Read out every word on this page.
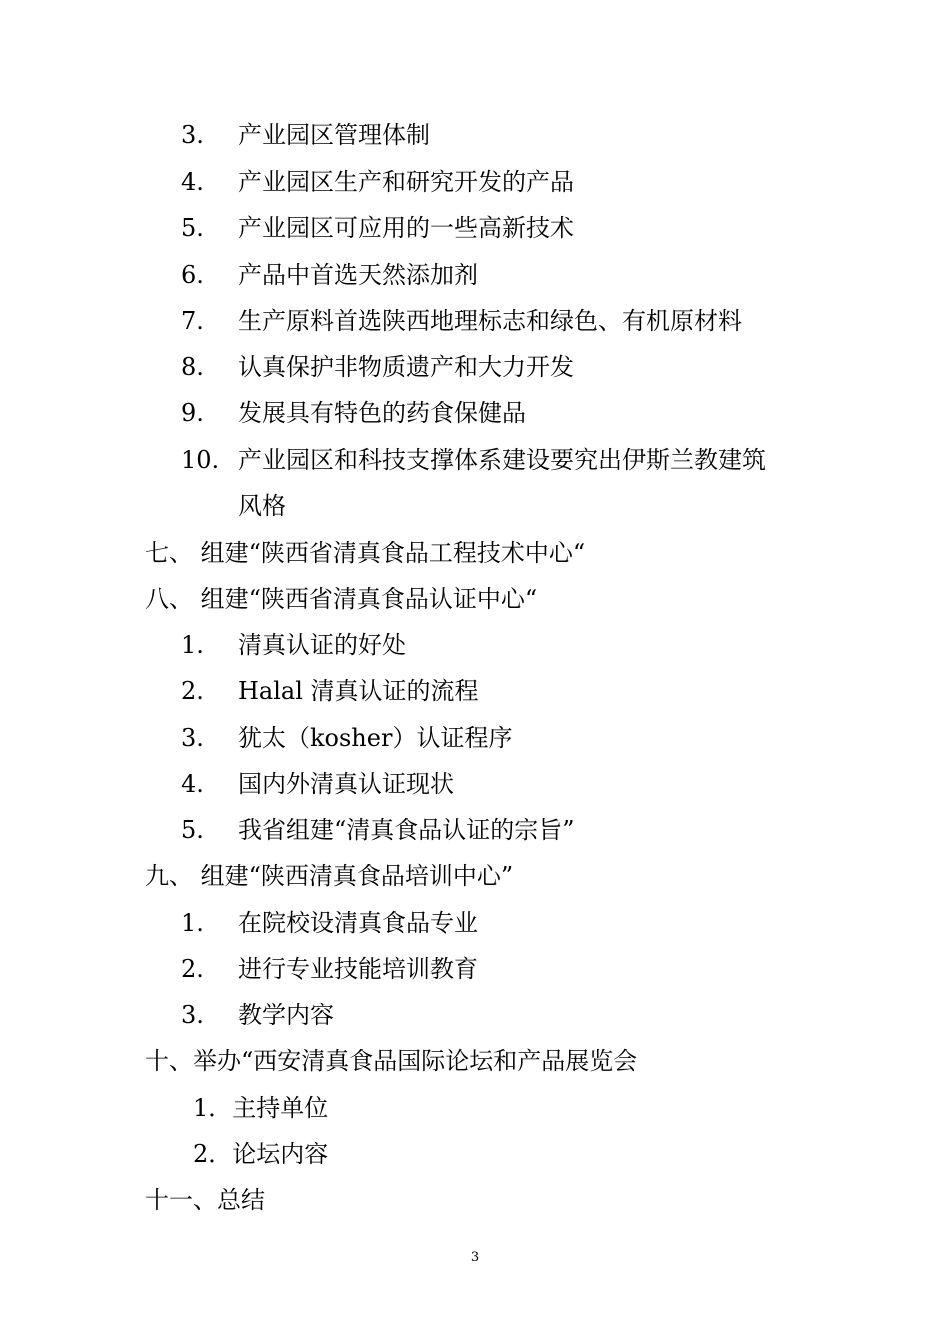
3. 产业园区管理体制
4. 产业园区生产和研究开发的产品
5. 产业园区可应用的一些高新技术
6. 产品中首选天然添加剂
7. 生产原料首选陕西地理标志和绿色、有机原材料
8. 认真保护非物质遗产和大力开发
9. 发展具有特色的药食保健品
10. 产业园区和科技支撑体系建设要究出伊斯兰教建筑
风格
七、 组建“陕西省清真食品工程技术中心“
八、 组建“陕西省清真食品认证中心“
1. 清真认证的好处
2. Halal 清真认证的流程
3. 犹太（kosher）认证程序
4. 国内外清真认证现状
5. 我省组建“清真食品认证的宗旨”
九、 组建“陕西清真食品培训中心”
1. 在院校设清真食品专业
2. 进行专业技能培训教育
3. 教学内容
十、举办“西安清真食品国际论坛和产品展览会
1．主持单位
2．论坛内容
十一、总结
3
